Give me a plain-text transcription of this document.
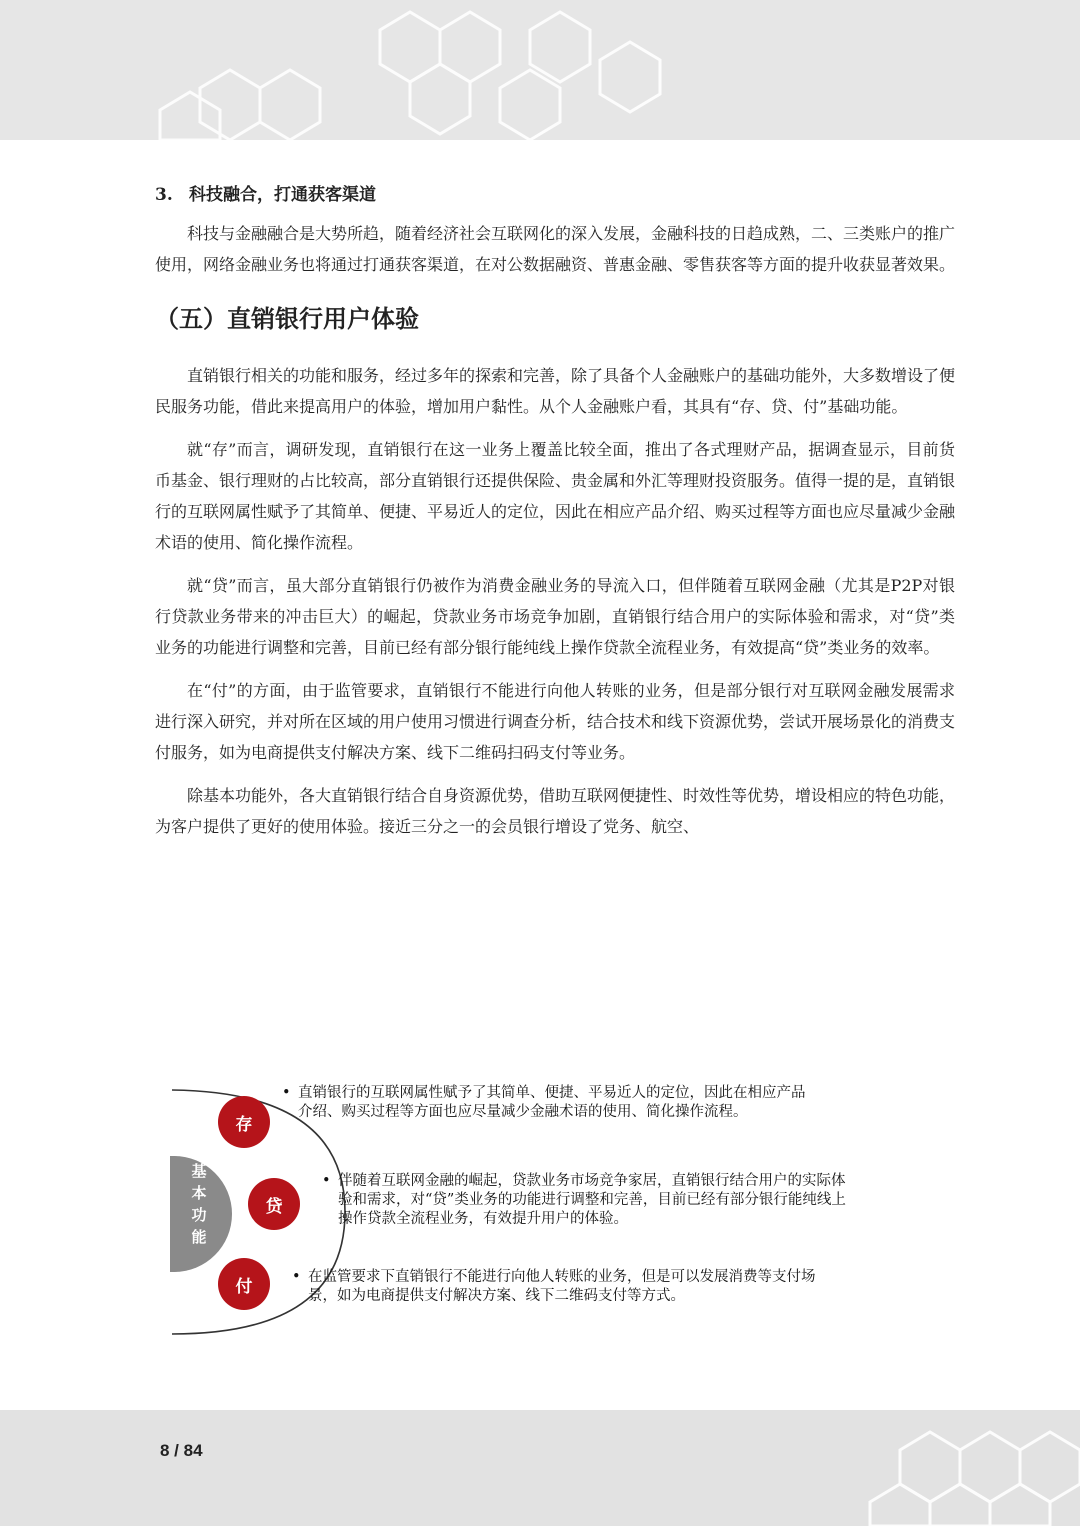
3. 科技融合，打通获客渠道

科技与金融融合是大势所趋，随着经济社会互联网化的深入发展，金融科技的日趋成熟，二、三类账户的推广使用，网络金融业务也将通过打通获客渠道，在对公数据融资、普惠金融、零售获客等方面的提升收获显著效果。

（五）直销银行用户体验

直销银行相关的功能和服务，经过多年的探索和完善，除了具备个人金融账户的基础功能外，大多数增设了便民服务功能，借此来提高用户的体验，增加用户黏性。从个人金融账户看，其具有“存、贷、付”基础功能。

就“存”而言，调研发现，直销银行在这一业务上覆盖比较全面，推出了各式理财产品，据调查显示，目前货币基金、银行理财的占比较高，部分直销银行还提供保险、贵金属和外汇等理财投资服务。值得一提的是，直销银行的互联网属性赋予了其简单、便捷、平易近人的定位，因此在相应产品介绍、购买过程等方面也应尽量减少金融术语的使用、简化操作流程。

就“贷”而言，虽大部分直销银行仍被作为消费金融业务的导流入口，但伴随着互联网金融（尤其是P2P对银行贷款业务带来的冲击巨大）的崛起，贷款业务市场竞争加剧，直销银行结合用户的实际体验和需求，对“贷”类业务的功能进行调整和完善，目前已经有部分银行能纯线上操作贷款全流程业务，有效提高“贷”类业务的效率。

在“付”的方面，由于监管要求，直销银行不能进行向他人转账的业务，但是部分银行对互联网金融发展需求进行深入研究，并对所在区域的用户使用习惯进行调查分析，结合技术和线下资源优势，尝试开展场景化的消费支付服务，如为电商提供支付解决方案、线下二维码扫码支付等业务。

除基本功能外，各大直销银行结合自身资源优势，借助互联网便捷性、时效性等优势，增设相应的特色功能，为客户提供了更好的使用体验。接近三分之一的会员银行增设了党务、航空、

基
本
功
能
存
贷
付
• 直销银行的互联网属性赋予了其简单、便捷、平易近人的定位，因此在相应产品介绍、购买过程等方面也应尽量减少金融术语的使用、简化操作流程。
• 伴随着互联网金融的崛起，贷款业务市场竞争家居，直销银行结合用户的实际体验和需求，对“贷”类业务的功能进行调整和完善，目前已经有部分银行能纯线上操作贷款全流程业务，有效提升用户的体验。
• 在监管要求下直销银行不能进行向他人转账的业务，但是可以发展消费等支付场景，如为电商提供支付解决方案、线下二维码支付等方式。
8 / 84
